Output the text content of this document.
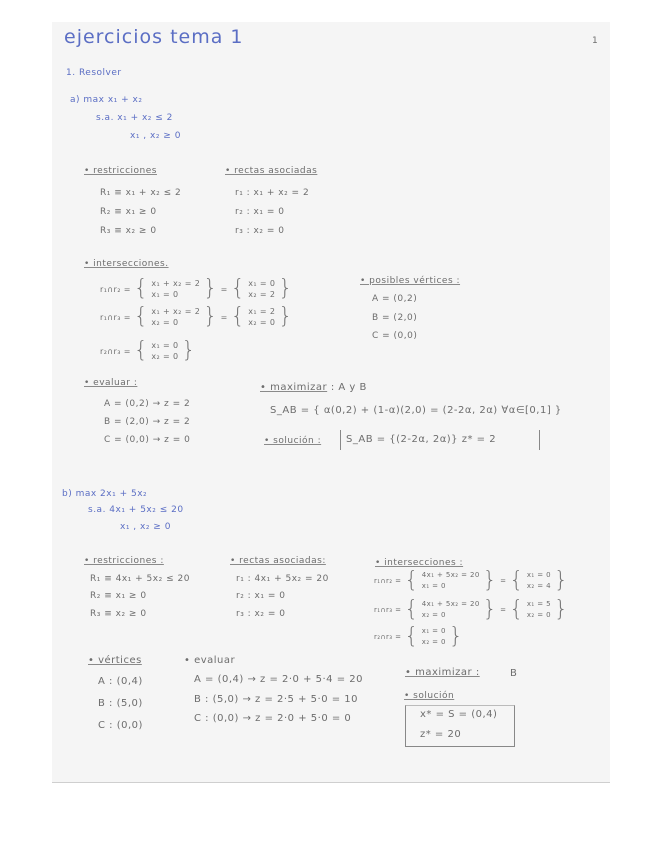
ejercicios tema 1	1
1. Resolver
a) max x₁ + x₂
s.a. x₁ + x₂ ≤ 2
x₁ , x₂ ≥ 0
• restricciones
R₁ ≡ x₁ + x₂ ≤ 2
R₂ ≡ x₁ ≥ 0
R₃ ≡ x₂ ≥ 0
• rectas asociadas
r₁ : x₁ + x₂ = 2
r₂ : x₁ = 0
r₃ : x₂ = 0
• intersecciones.
r₁∩r₂ = { x₁ + x₂ = 2
x₁ = 0	} = { x₁ = 0
x₂ = 2 }
r₁∩r₃ = { x₁ + x₂ = 2
x₂ = 0	} = { x₁ = 2
x₂ = 0 }
r₂∩r₃ = { x₁ = 0
x₂ = 0 }
• posibles vértices :
A = (0,2)
B = (2,0)
C = (0,0)
• evaluar :
A = (0,2) → z = 2
B = (2,0) → z = 2
C = (0,0) → z = 0
• maximizar : A y B
S_AB = { α(0,2) + (1-α)(2,0) = (2-2α, 2α) ∀α∈[0,1] }
• solución : S_AB = {(2-2α, 2α)} z* = 2
b) max 2x₁ + 5x₂
s.a. 4x₁ + 5x₂ ≤ 20
x₁ , x₂ ≥ 0
• restricciones :
R₁ ≡ 4x₁ + 5x₂ ≤ 20
R₂ ≡ x₁ ≥ 0
R₃ ≡ x₂ ≥ 0
• rectas asociadas:
r₁ : 4x₁ + 5x₂ = 20
r₂ : x₁ = 0
r₃ : x₂ = 0
• intersecciones :
r₁∩r₂ = { 4x₁ + 5x₂ = 20
x₁ = 0	} = { x₁ = 0
x₂ = 4 }
r₁∩r₃ = { 4x₁ + 5x₂ = 20
x₂ = 0	} = { x₁ = 5
x₂ = 0 }
r₂∩r₃ = { x₁ = 0
x₂ = 0 }
• vértices
A : (0,4)
B : (5,0)
C : (0,0)
• evaluar
A = (0,4) → z = 2·0 + 5·4 = 20
B : (5,0) → z = 2·5 + 5·0 = 10
C : (0,0) → z = 2·0 + 5·0 = 0
• maximizar :	B
• solución
x* = S = (0,4)
z* = 20
